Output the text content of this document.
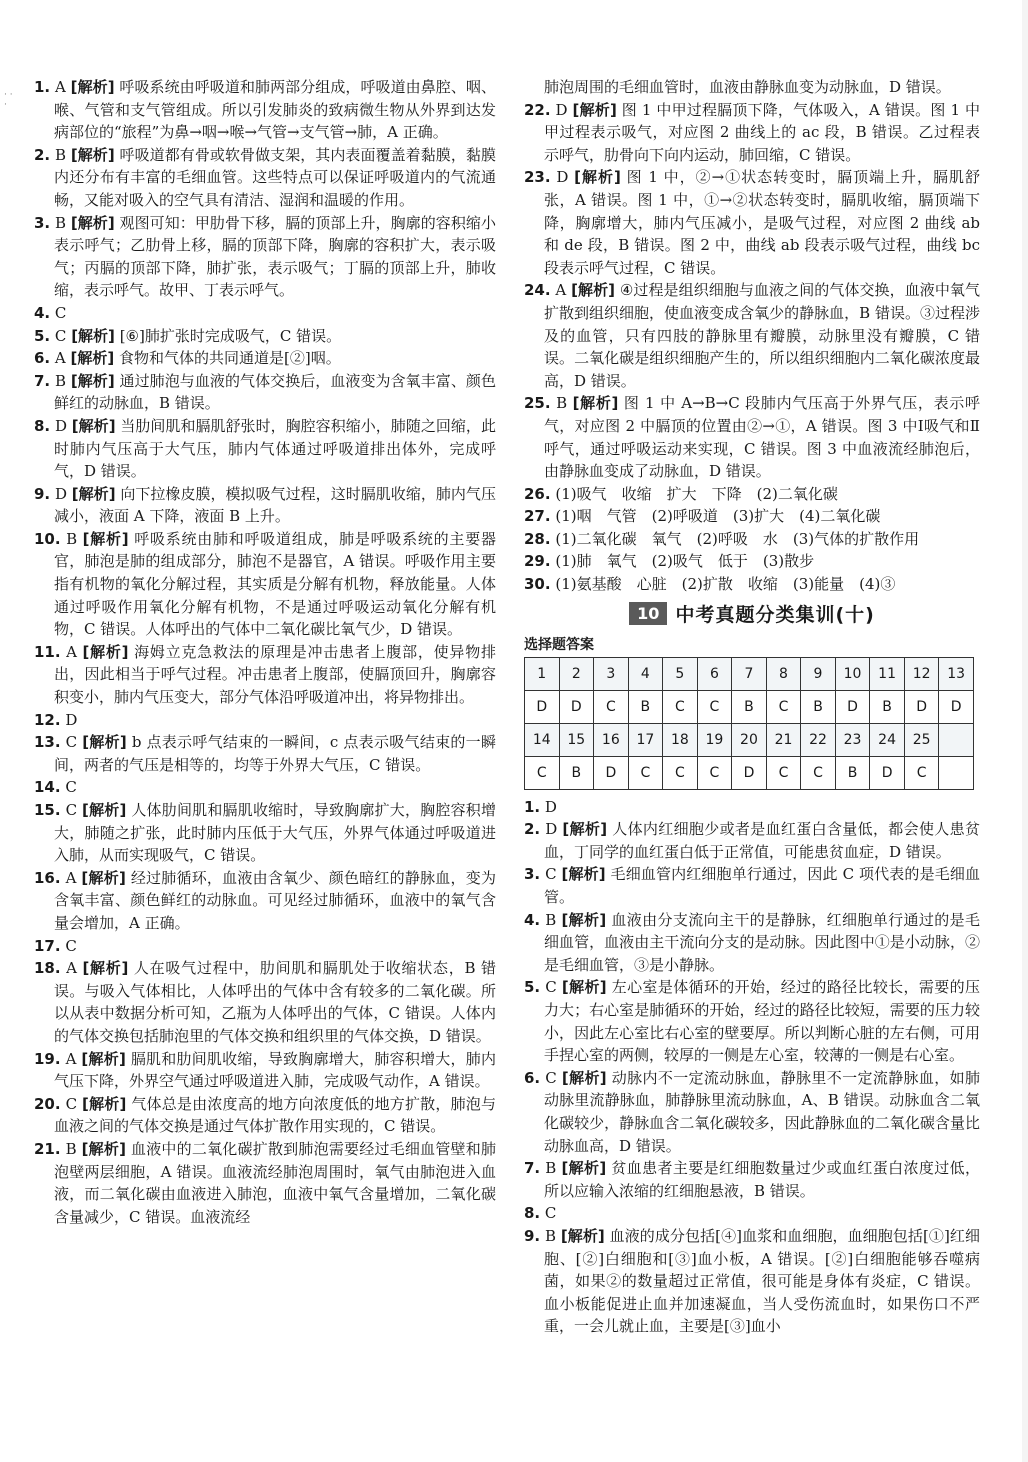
· · ·

1. A [解析] 呼吸系统由呼吸道和肺两部分组成，呼吸道由鼻腔、咽、喉、气管和支气管组成。所以引发肺炎的致病微生物从外界到达发病部位的“旅程”为鼻→咽→喉→气管→支气管→肺，A 正确。

2. B [解析] 呼吸道都有骨或软骨做支架，其内表面覆盖着黏膜，黏膜内还分布有丰富的毛细血管。这些特点可以保证呼吸道内的气流通畅，又能对吸入的空气具有清洁、湿润和温暖的作用。

3. B [解析] 观图可知：甲肋骨下移，膈的顶部上升，胸廓的容积缩小表示呼气；乙肋骨上移，膈的顶部下降，胸廓的容积扩大，表示吸气；丙膈的顶部下降，肺扩张，表示吸气；丁膈的顶部上升，肺收缩，表示呼气。故甲、丁表示呼气。

4. C

5. C [解析] [⑥]肺扩张时完成吸气，C 错误。

6. A [解析] 食物和气体的共同通道是[②]咽。

7. B [解析] 通过肺泡与血液的气体交换后，血液变为含氧丰富、颜色鲜红的动脉血，B 错误。

8. D [解析] 当肋间肌和膈肌舒张时，胸腔容积缩小，肺随之回缩，此时肺内气压高于大气压，肺内气体通过呼吸道排出体外，完成呼气，D 错误。

9. D [解析] 向下拉橡皮膜，模拟吸气过程，这时膈肌收缩，肺内气压减小，液面 A 下降，液面 B 上升。

10. B [解析] 呼吸系统由肺和呼吸道组成，肺是呼吸系统的主要器官，肺泡是肺的组成部分，肺泡不是器官，A 错误。呼吸作用主要指有机物的氧化分解过程，其实质是分解有机物，释放能量。人体通过呼吸作用氧化分解有机物，不是通过呼吸运动氧化分解有机物，C 错误。人体呼出的气体中二氧化碳比氧气少，D 错误。

11. A [解析] 海姆立克急救法的原理是冲击患者上腹部，使异物排出，因此相当于呼气过程。冲击患者上腹部，使膈顶回升，胸廓容积变小，肺内气压变大，部分气体沿呼吸道冲出，将异物排出。

12. D

13. C [解析] b 点表示呼气结束的一瞬间，c 点表示吸气结束的一瞬间，两者的气压是相等的，均等于外界大气压，C 错误。

14. C

15. C [解析] 人体肋间肌和膈肌收缩时，导致胸廓扩大，胸腔容积增大，肺随之扩张，此时肺内压低于大气压，外界气体通过呼吸道进入肺，从而实现吸气，C 错误。

16. A [解析] 经过肺循环，血液由含氧少、颜色暗红的静脉血，变为含氧丰富、颜色鲜红的动脉血。可见经过肺循环，血液中的氧气含量会增加，A 正确。

17. C

18. A [解析] 人在吸气过程中，肋间肌和膈肌处于收缩状态，B 错误。与吸入气体相比，人体呼出的气体中含有较多的二氧化碳。所以从表中数据分析可知，乙瓶为人体呼出的气体，C 错误。人体内的气体交换包括肺泡里的气体交换和组织里的气体交换，D 错误。

19. A [解析] 膈肌和肋间肌收缩，导致胸廓增大，肺容积增大，肺内气压下降，外界空气通过呼吸道进入肺，完成吸气动作，A 错误。

20. C [解析] 气体总是由浓度高的地方向浓度低的地方扩散，肺泡与血液之间的气体交换是通过气体扩散作用实现的，C 错误。

21. B [解析] 血液中的二氧化碳扩散到肺泡需要经过毛细血管壁和肺泡壁两层细胞，A 错误。血液流经肺泡周围时，氧气由肺泡进入血液，而二氧化碳由血液进入肺泡，血液中氧气含量增加，二氧化碳含量减少，C 错误。血液流经

肺泡周围的毛细血管时，血液由静脉血变为动脉血，D 错误。

22. D [解析] 图 1 中甲过程膈顶下降，气体吸入，A 错误。图 1 中甲过程表示吸气，对应图 2 曲线上的 ac 段，B 错误。乙过程表示呼气，肋骨向下向内运动，肺回缩，C 错误。

23. D [解析] 图 1 中，②→①状态转变时，膈顶端上升，膈肌舒张，A 错误。图 1 中，①→②状态转变时，膈肌收缩，膈顶端下降，胸廓增大，肺内气压减小，是吸气过程，对应图 2 曲线 ab 和 de 段，B 错误。图 2 中，曲线 ab 段表示吸气过程，曲线 bc 段表示呼气过程，C 错误。

24. A [解析] ④过程是组织细胞与血液之间的气体交换，血液中氧气扩散到组织细胞，使血液变成含氧少的静脉血，B 错误。③过程涉及的血管，只有四肢的静脉里有瓣膜，动脉里没有瓣膜，C 错误。二氧化碳是组织细胞产生的，所以组织细胞内二氧化碳浓度最高，D 错误。

25. B [解析] 图 1 中 A→B→C 段肺内气压高于外界气压，表示呼气，对应图 2 中膈顶的位置由②→①，A 错误。图 3 中Ⅰ吸气和Ⅱ呼气，通过呼吸运动来实现，C 错误。图 3 中血液流经肺泡后，由静脉血变成了动脉血，D 错误。

26. (1)吸气　收缩　扩大　下降　(2)二氧化碳

27. (1)咽　气管　(2)呼吸道　(3)扩大　(4)二氧化碳

28. (1)二氧化碳　氧气　(2)呼吸　水　(3)气体的扩散作用

29. (1)肺　氧气　(2)吸气　低于　(3)散步

30. (1)氨基酸　心脏　(2)扩散　收缩　(3)能量　(4)③

10 中考真题分类集训(十)
选择题答案
1	2	3	4	5	6	7	8	9	10	11	12	13
D	D	C	B	C	C	B	C	B	D	B	D	D
14	15	16	17	18	19	20	21	22	23	24	25	
C	B	D	C	C	C	D	C	C	B	D	C	

1. D

2. D [解析] 人体内红细胞少或者是血红蛋白含量低，都会使人患贫血，丁同学的血红蛋白低于正常值，可能患贫血症，D 错误。

3. C [解析] 毛细血管内红细胞单行通过，因此 C 项代表的是毛细血管。

4. B [解析] 血液由分支流向主干的是静脉，红细胞单行通过的是毛细血管，血液由主干流向分支的是动脉。因此图中①是小动脉，②是毛细血管，③是小静脉。

5. C [解析] 左心室是体循环的开始，经过的路径比较长，需要的压力大；右心室是肺循环的开始，经过的路径比较短，需要的压力较小，因此左心室比右心室的壁要厚。所以判断心脏的左右侧，可用手捏心室的两侧，较厚的一侧是左心室，较薄的一侧是右心室。

6. C [解析] 动脉内不一定流动脉血，静脉里不一定流静脉血，如肺动脉里流静脉血，肺静脉里流动脉血，A、B 错误。动脉血含二氧化碳较少，静脉血含二氧化碳较多，因此静脉血的二氧化碳含量比动脉血高，D 错误。

7. B [解析] 贫血患者主要是红细胞数量过少或血红蛋白浓度过低，所以应输入浓缩的红细胞悬液，B 错误。

8. C

9. B [解析] 血液的成分包括[④]血浆和血细胞，血细胞包括[①]红细胞、[②]白细胞和[③]血小板，A 错误。[②]白细胞能够吞噬病菌，如果②的数量超过正常值，很可能是身体有炎症，C 错误。血小板能促进止血并加速凝血，当人受伤流血时，如果伤口不严重，一会儿就止血，主要是[③]血小
